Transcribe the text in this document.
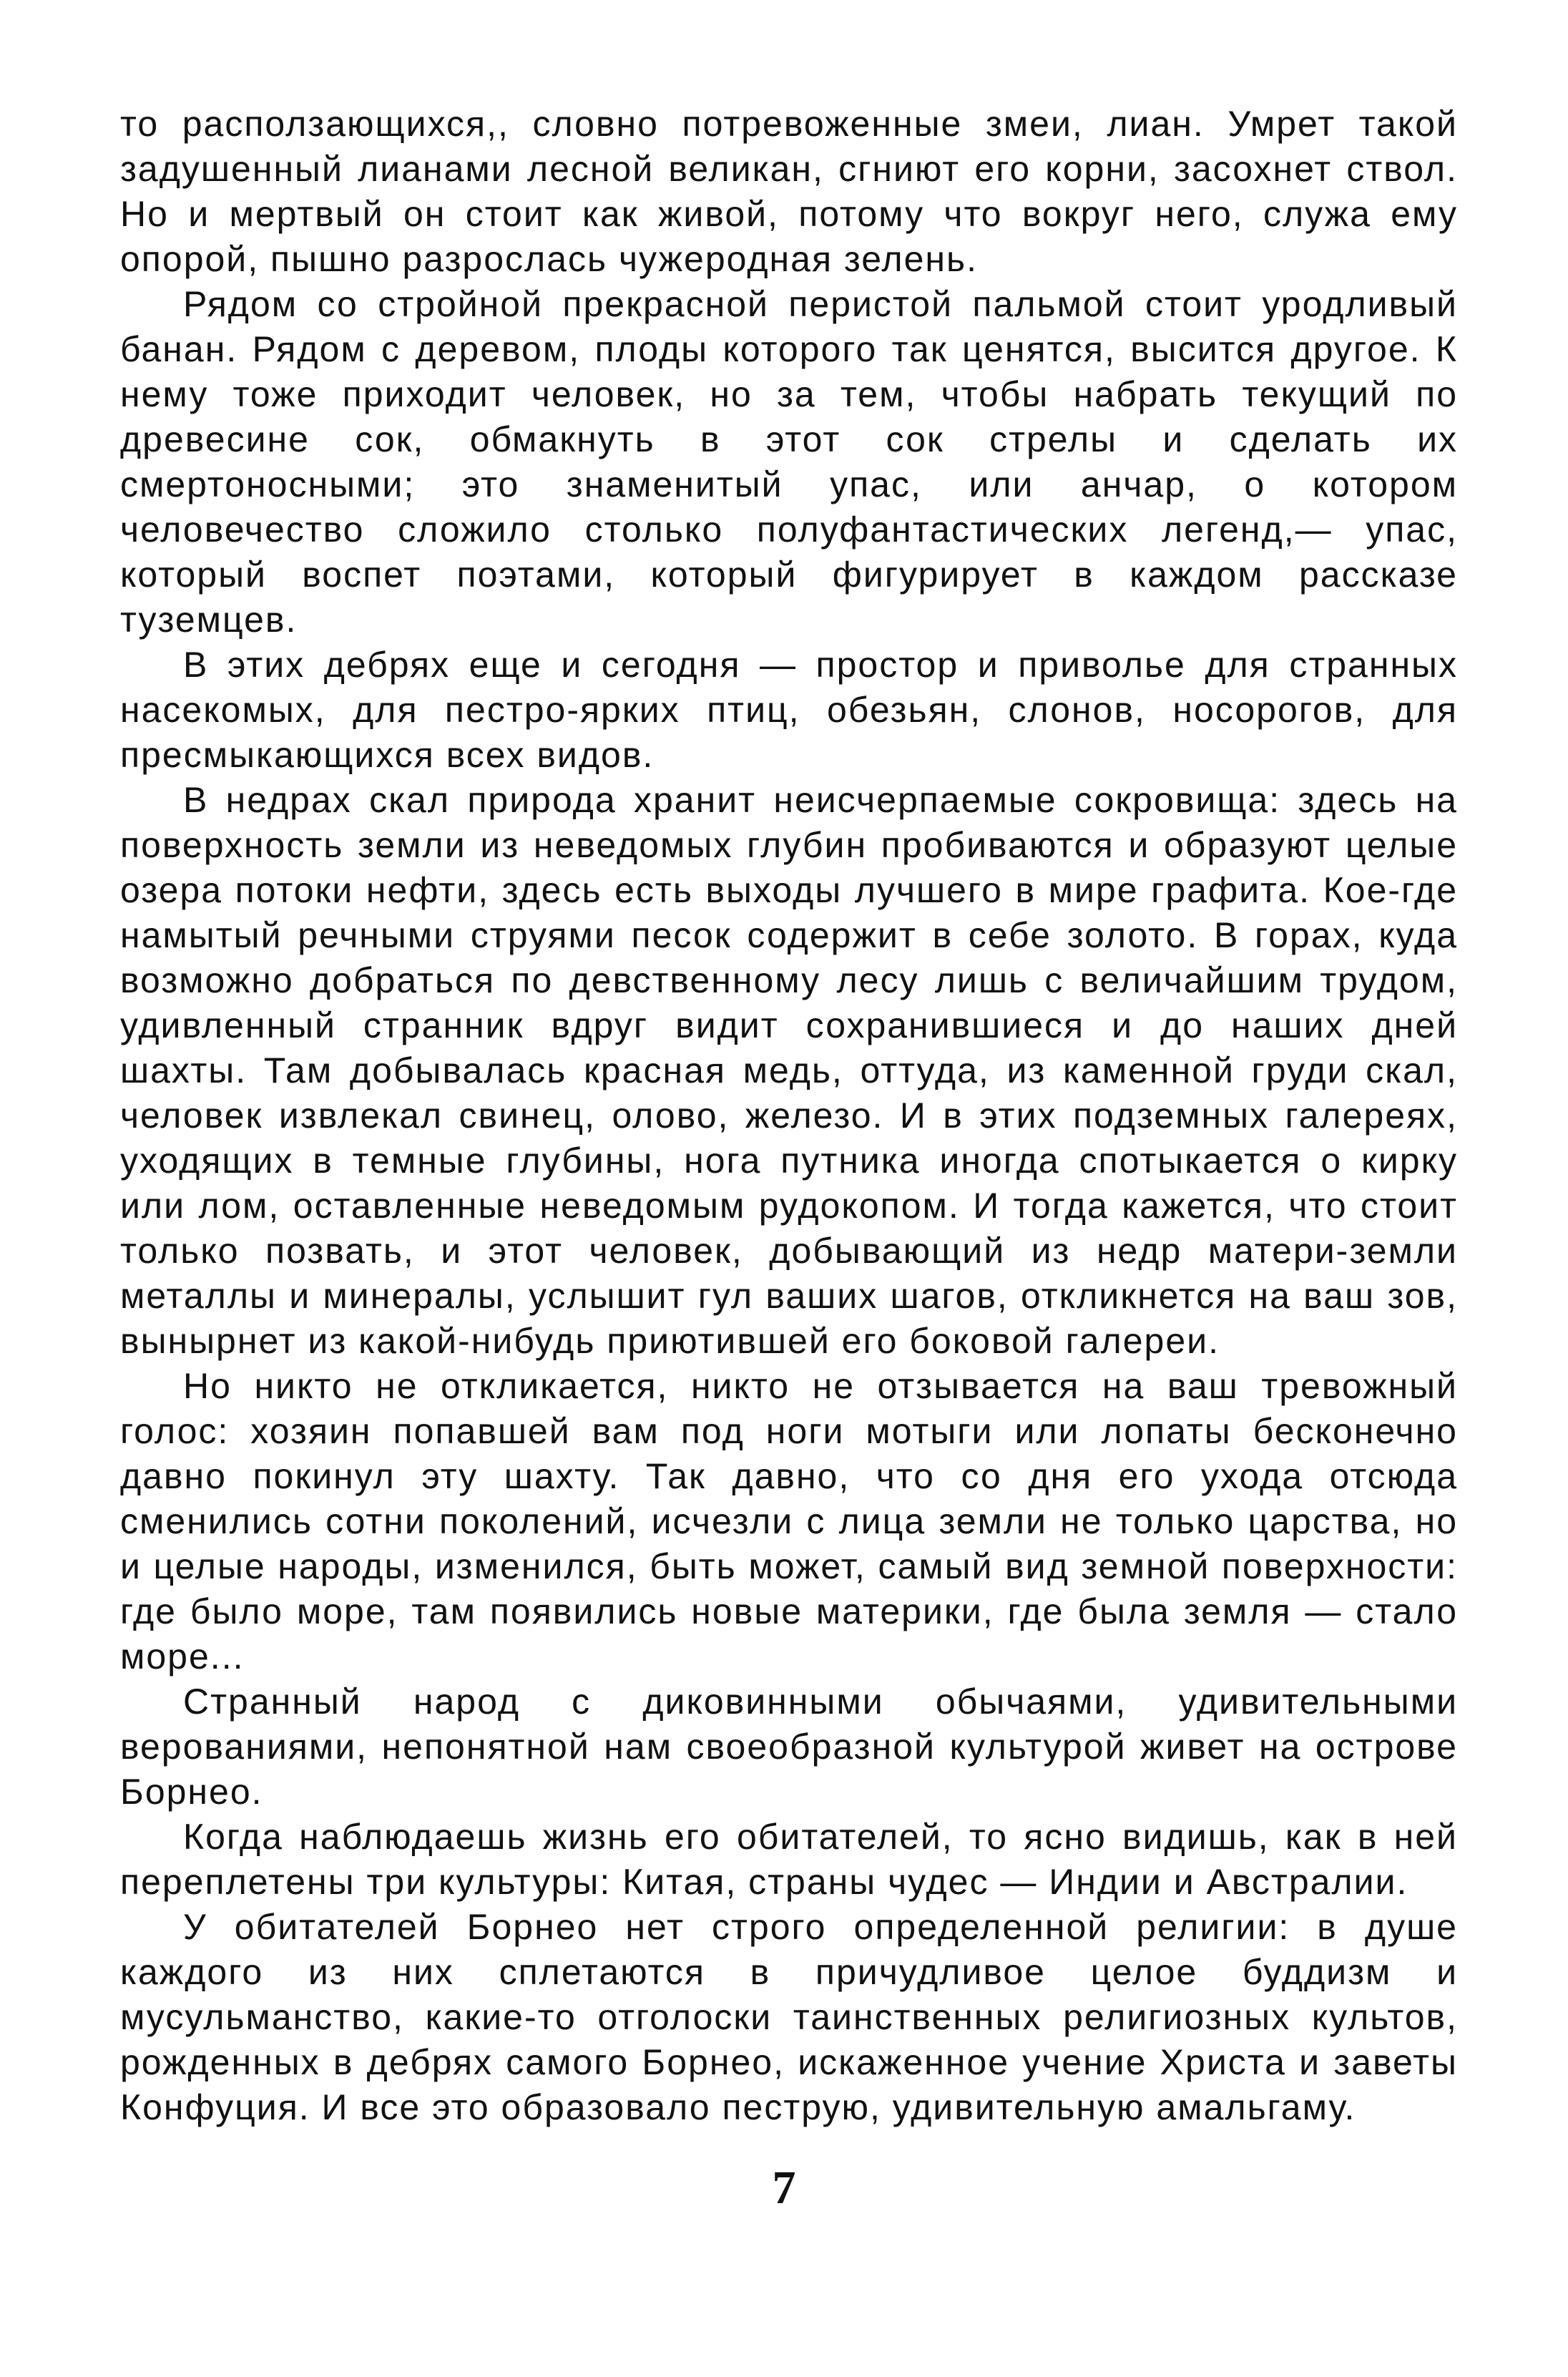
то расползающихся,, словно потревоженные змеи, лиан. Умрет такой задушенный лианами лесной великан, сгниют его корни, засохнет ствол. Но и мертвый он стоит как живой, потому что вокруг него, служа ему опорой, пышно разрослась чужеродная зелень.

Рядом со стройной прекрасной перистой пальмой стоит уродливый банан. Рядом с деревом, плоды которого так ценятся, высится другое. К нему тоже приходит человек, но за тем, чтобы набрать текущий по древесине сок, обмакнуть в этот сок стрелы и сделать их смертоносными; это знаменитый упас, или анчар, о котором человечество сложило столько полуфантастических легенд,— упас, который воспет поэтами, который фигурирует в каждом рассказе туземцев.

В этих дебрях еще и сегодня — простор и приволье для странных насекомых, для пестро-ярких птиц, обезьян, слонов, носорогов, для пресмыкающихся всех видов.

В недрах скал природа хранит неисчерпаемые сокровища: здесь на поверхность земли из неведомых глубин пробиваются и образуют целые озера потоки нефти, здесь есть выходы лучшего в мире графита. Кое-где намытый речными струями песок содержит в себе золото. В горах, куда возможно добраться по девственному лесу лишь с величайшим трудом, удивленный странник вдруг видит сохранившиеся и до наших дней шахты. Там добывалась красная медь, оттуда, из каменной груди скал, человек извлекал свинец, олово, железо. И в этих подземных галереях, уходящих в темные глубины, нога путника иногда спотыкается о кирку или лом, оставленные неведомым рудокопом. И тогда кажется, что стоит только позвать, и этот человек, добывающий из недр матери-земли металлы и минералы, услышит гул ваших шагов, откликнется на ваш зов, вынырнет из какой-нибудь приютившей его боковой галереи.

Но никто не откликается, никто не отзывается на ваш тревожный голос: хозяин попавшей вам под ноги мотыги или лопаты бесконечно давно покинул эту шахту. Так давно, что со дня его ухода отсюда сменились сотни поколений, исчезли с лица земли не только царства, но и целые народы, изменился, быть может, самый вид земной поверхности: где было море, там появились новые материки, где была земля — стало море...

Странный народ с диковинными обычаями, удивительными верованиями, непонятной нам своеобразной культурой живет на острове Борнео.

Когда наблюдаешь жизнь его обитателей, то ясно видишь, как в ней переплетены три культуры: Китая, страны чудес — Индии и Австралии.

У обитателей Борнео нет строго определенной религии: в душе каждого из них сплетаются в причудливое целое буддизм и мусульманство, какие-то отголоски таинственных религиозных культов, рожденных в дебрях самого Борнео, искаженное учение Христа и заветы Конфуция. И все это образовало пеструю, удивительную амальгаму.

7
